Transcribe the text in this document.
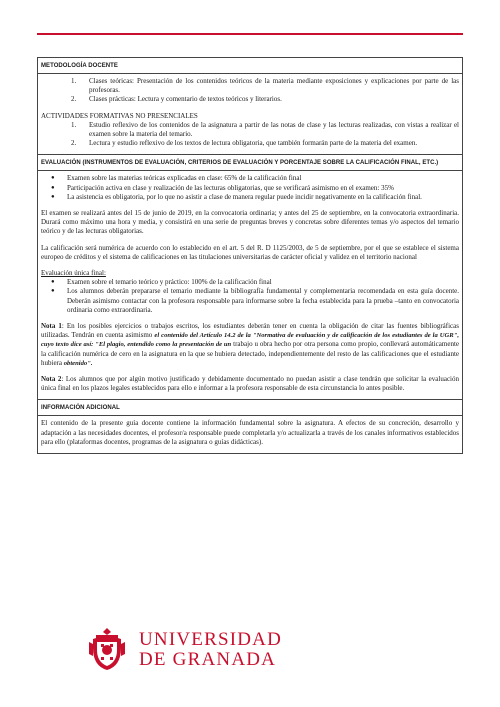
METODOLOGÍA DOCENTE
1.	Clases teóricas: Presentación de los contenidos teóricos de la materia mediante exposiciones y explicaciones por parte de las profesoras.
2.	Clases prácticas: Lectura y comentario de textos teóricos y literarios.
ACTIVIDADES FORMATIVAS NO PRESENCIALES
1.	Estudio reflexivo de los contenidos de la asignatura a partir de las notas de clase y las lecturas realizadas, con vistas a realizar el examen sobre la materia del temario.
2.	Lectura y estudio reflexivo de los textos de lectura obligatoria, que también formarán parte de la materia del examen.
EVALUACIÓN (INSTRUMENTOS DE EVALUACIÓN, CRITERIOS DE EVALUACIÓN Y PORCENTAJE SOBRE LA CALIFICACIÓN FINAL, ETC.)
●	Examen sobre las materias teóricas explicadas en clase: 65% de la calificación final
●	Participación activa en clase y realización de las lecturas obligatorias, que se verificará asimismo en el examen: 35%
●	La asistencia es obligatoria, por lo que no asistir a clase de manera regular puede incidir negativamente en la calificación final.

El examen se realizará antes del 15 de junio de 2019, en la convocatoria ordinaria; y antes del 25 de septiembre, en la convocatoria extraordinaria. Durará como máximo una hora y media, y consistirá en una serie de preguntas breves y concretas sobre diferentes temas y/o aspectos del temario teórico y de las lecturas obligatorias.

La calificación será numérica de acuerdo con lo establecido en el art. 5 del R. D 1125/2003, de 5 de septiembre, por el que se establece el sistema europeo de créditos y el sistema de calificaciones en las titulaciones universitarias de carácter oficial y validez en el territorio nacional

Evaluación única final:

●	Examen sobre el temario teórico y práctico: 100% de la calificación final
●	Los alumnos deberán prepararse el temario mediante la bibliografía fundamental y complementaria recomendada en esta guía docente. Deberán asimismo contactar con la profesora responsable para informarse sobre la fecha establecida para la prueba –tanto en convocatoria ordinaria como extraordinaria.

Nota 1: En los posibles ejercicios o trabajos escritos, los estudiantes deberán tener en cuenta la obligación de citar las fuentes bibliográficas utilizadas. Tendrán en cuenta asimismo el contenido del Artículo 14.2 de la "Normativa de evaluación y de calificación de los estudiantes de la UGR", cuyo texto dice así: "El plagio, entendido como la presentación de un trabajo u obra hecho por otra persona como propio, conllevará automáticamente la calificación numérica de cero en la asignatura en la que se hubiera detectado, independientemente del resto de las calificaciones que el estudiante hubiera obtenido".

Nota 2: Los alumnos que por algún motivo justificado y debidamente documentado no puedan asistir a clase tendrán que solicitar la evaluación única final en los plazos legales establecidos para ello e informar a la profesora responsable de esta circunstancia lo antes posible.

INFORMACIÓN ADICIONAL

El contenido de la presente guía docente contiene la información fundamental sobre la asignatura. A efectos de su concreción, desarrollo y adaptación a las necesidades docentes, el profesor/a responsable puede completarla y/o actualizarla a través de los canales informativos establecidos para ello (plataformas docentes, programas de la asignatura o guías didácticas).

UNIVERSIDAD
DE GRANADA
